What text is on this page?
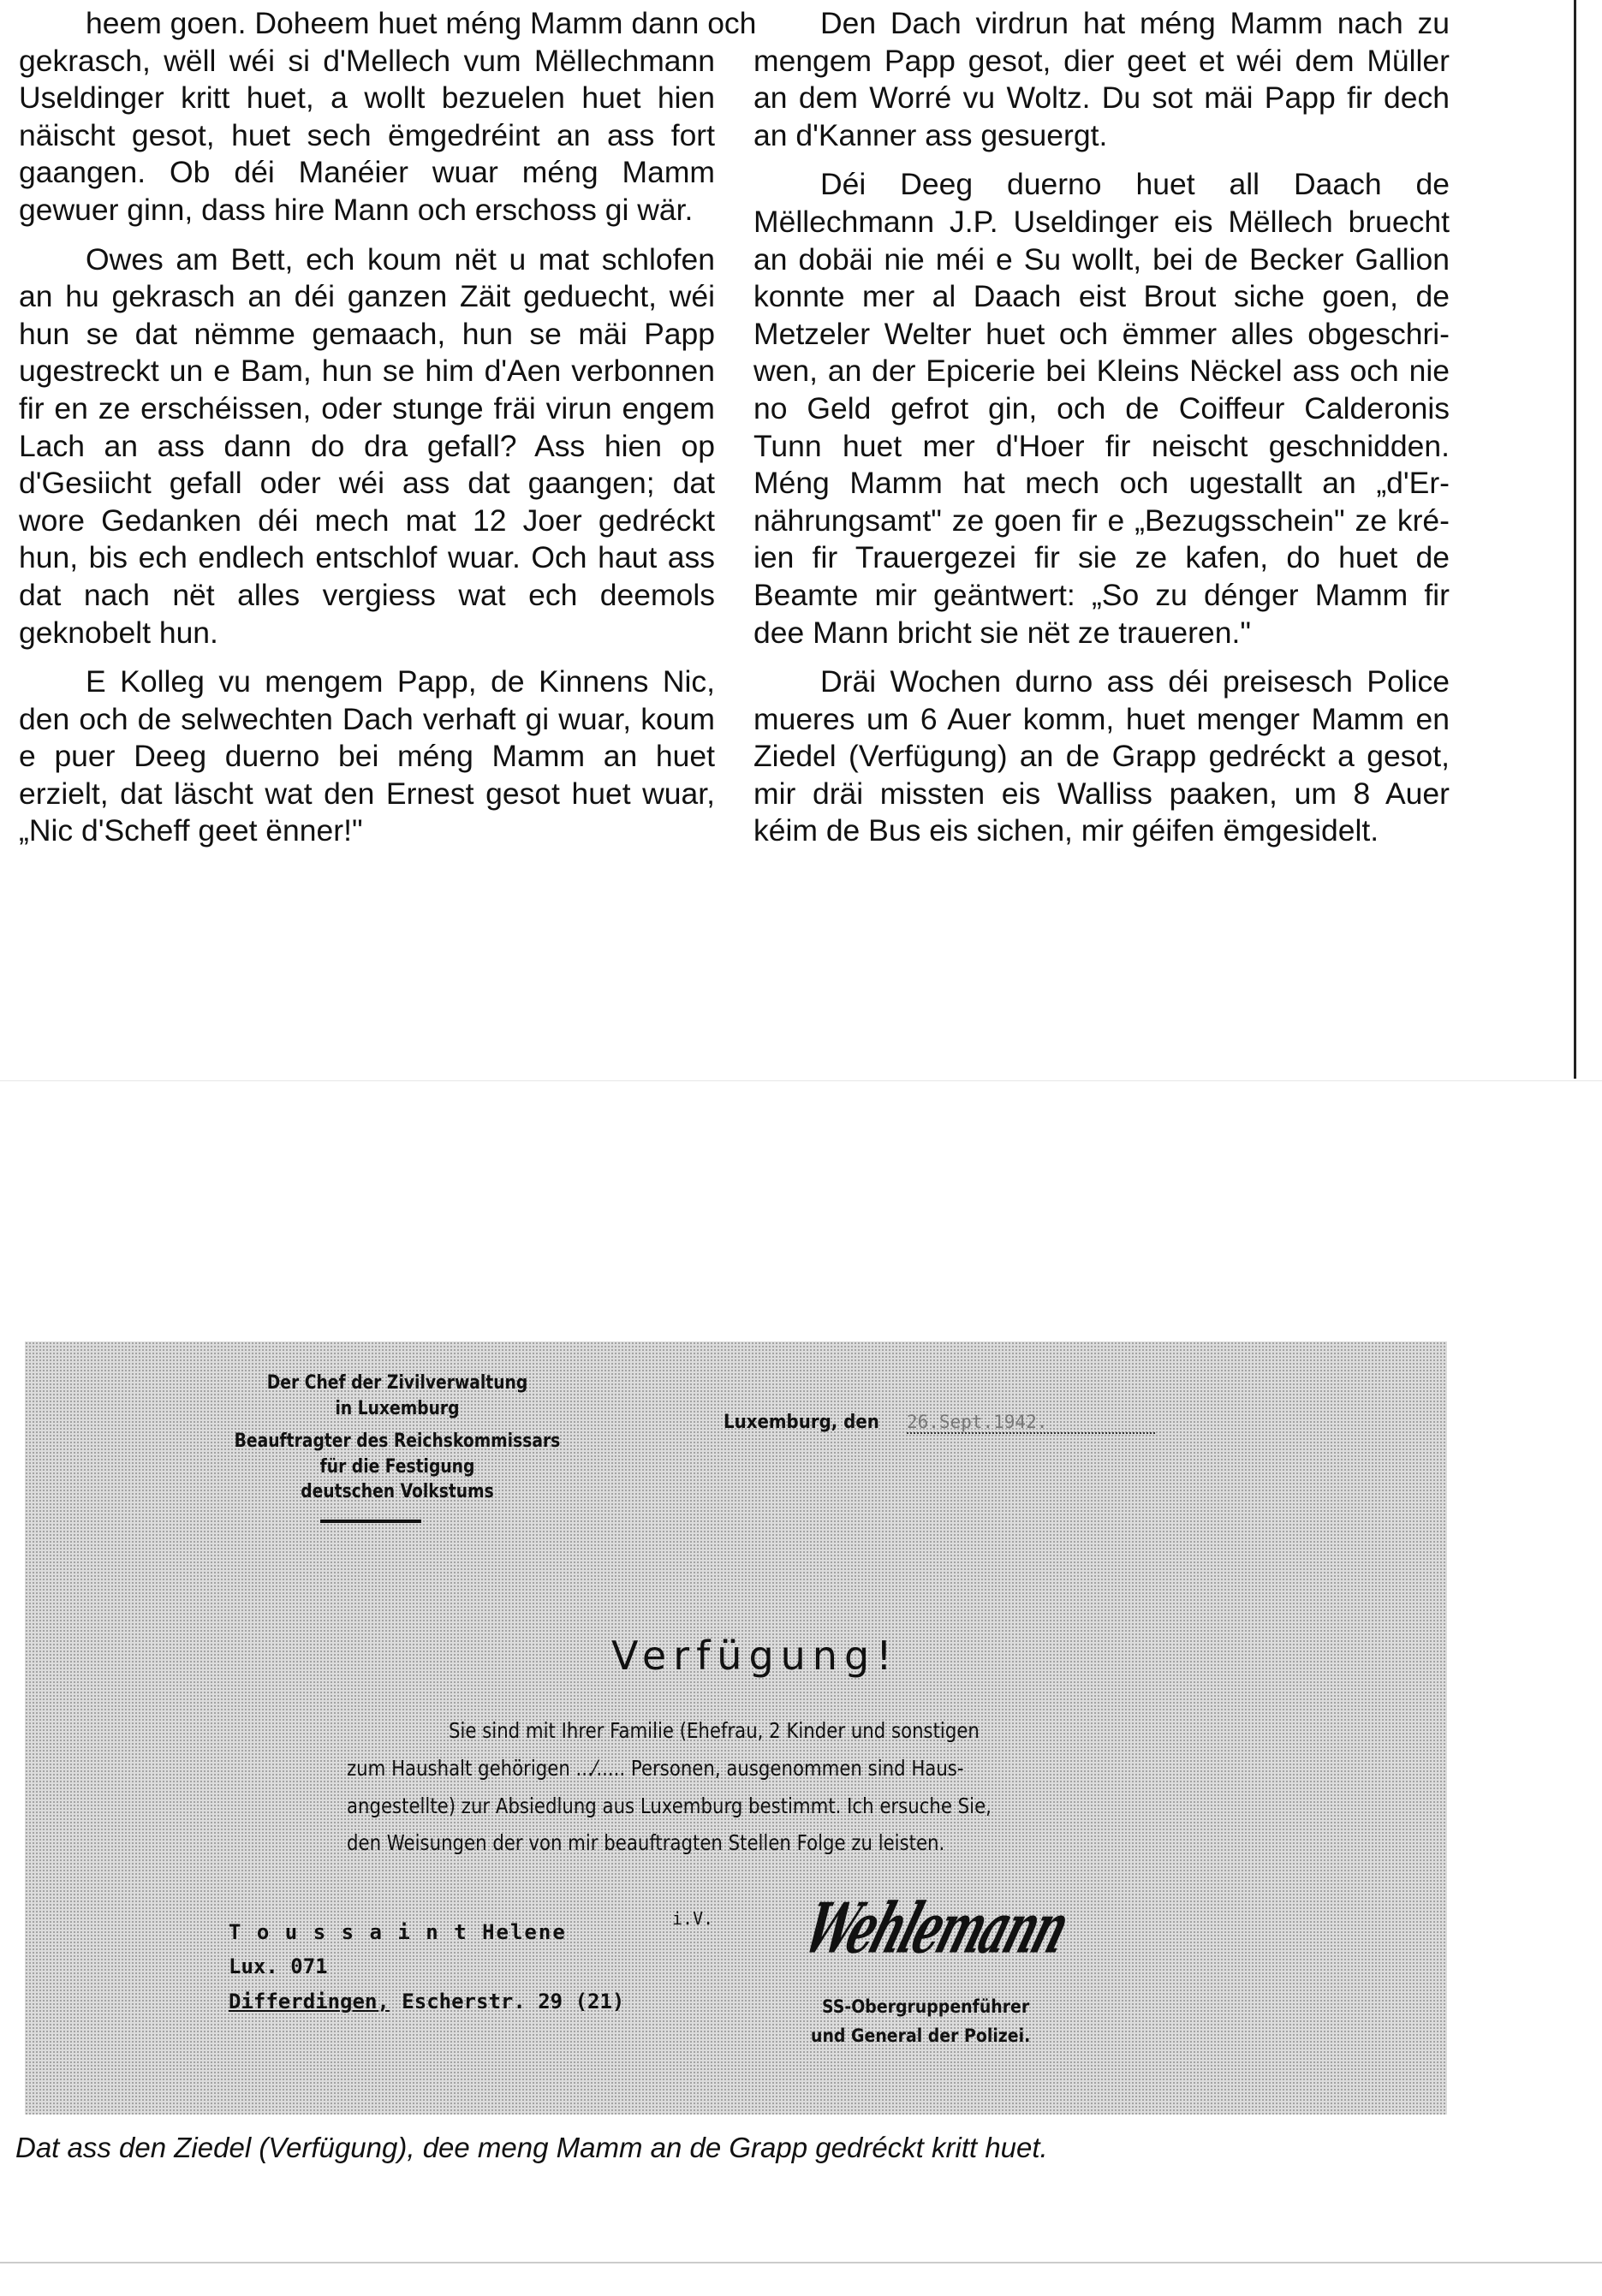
heem goen. Doheem huet méng Mamm dann och
gekrasch, wëll wéi si d'Mellech vum Mëllechmann
Useldinger kritt huet, a wollt bezuelen huet hien
näischt gesot, huet sech ëmgedréint an ass fort
gaangen. Ob déi Manéier wuar méng Mamm
gewuer ginn, dass hire Mann och erschoss gi wär.
Owes am Bett, ech koum nët u mat schlofen
an hu gekrasch an déi ganzen Zäit geduecht, wéi
hun se dat nëmme gemaach, hun se mäi Papp
ugestreckt un e Bam, hun se him d'Aen verbonnen
fir en ze erschéissen, oder stunge fräi virun engem
Lach an ass dann do dra gefall? Ass hien op
d'Gesiicht gefall oder wéi ass dat gaangen; dat
wore Gedanken déi mech mat 12 Joer gedréckt
hun, bis ech endlech entschlof wuar. Och haut ass
dat nach nët alles vergiess wat ech deemols
geknobelt hun.
E Kolleg vu mengem Papp, de Kinnens Nic,
den och de selwechten Dach verhaft gi wuar, koum
e puer Deeg duerno bei méng Mamm an huet
erzielt, dat läscht wat den Ernest gesot huet wuar,
„Nic d'Scheff geet ënner!"
Den Dach virdrun hat méng Mamm nach zu
mengem Papp gesot, dier geet et wéi dem Müller
an dem Worré vu Woltz. Du sot mäi Papp fir dech
an d'Kanner ass gesuergt.
Déi Deeg duerno huet all Daach de
Mëllechmann J.P. Useldinger eis Mëllech bruecht
an dobäi nie méi e Su wollt, bei de Becker Gallion
konnte mer al Daach eist Brout siche goen, de
Metzeler Welter huet och ëmmer alles obgeschri-
wen, an der Epicerie bei Kleins Nëckel ass och nie
no Geld gefrot gin, och de Coiffeur Calderonis
Tunn huet mer d'Hoer fir neischt geschnidden.
Méng Mamm hat mech och ugestallt an „d'Er-
nährungsamt" ze goen fir e „Bezugsschein" ze kré-
ien fir Trauergezei fir sie ze kafen, do huet de
Beamte mir geäntwert: „So zu dénger Mamm fir
dee Mann bricht sie nët ze traueren."
Dräi Wochen durno ass déi preisesch Police
mueres um 6 Auer komm, huet menger Mamm en
Ziedel (Verfügung) an de Grapp gedréckt a gesot,
mir dräi missten eis Walliss paaken, um 8 Auer
kéim de Bus eis sichen, mir géifen ëmgesidelt.
Der Chef der Zivilverwaltung
in Luxemburg
Beauftragter des Reichskommissars
für die Festigung
deutschen Volkstums
Luxemburg, den 26.Sept.1942.
Verfügung!
Sie sind mit Ihrer Familie (Ehefrau, 2 Kinder und sonstigen
zum Haushalt gehörigen ...⁄..... Personen, ausgenommen sind Haus-
angestellte) zur Absiedlung aus Luxemburg bestimmt. Ich ersuche Sie,
den Weisungen der von mir beauftragten Stellen Folge zu leisten.
T o u s s a i n t Helene
Lux. 071
Differdingen, Escherstr. 29 (21)
i.V. Wehlemann
SS-Obergruppenführer
und General der Polizei.
Dat ass den Ziedel (Verfügung), dee meng Mamm an de Grapp gedréckt kritt huet.
